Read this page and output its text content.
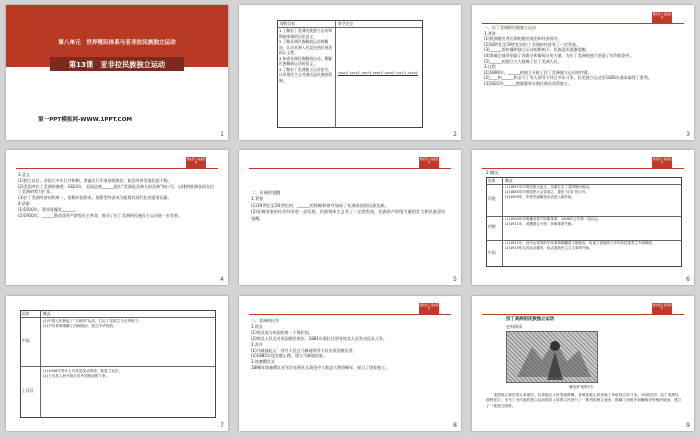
第八单元　世界殖民体系与亚非拉民族独立运动
第13课　亚非拉民族独立运动
第一PPT模板网-WWW.1PPT.COM
1
课程目标	时空定位
1.了解拉丁美洲民族独立运动和海地革命的历史意义。
2.了解亚洲民族解放运动的概况，认识亚洲人民反抗殖民统治的正义性。
3.知道非洲民族解放运动，理解民族解放运动的意义。
4.了解拉丁美洲独立运动史实，认识殖民主义对被压迫民族的影响。
1804年 1810年 1857年 1881年 1905年 1911年 1919年
2
课前预习·基础落实
一、拉丁美洲的民族独立运动
1.背景
(1)欧洲殖民者长期的殖民统治和经济掠夺。
(2)18世纪至19世纪初拉丁美洲的经济有了一定发展。
(3)______的传播和独立运动的影响下，民族意识逐渐觉醒。
(4)拿破仑战争削弱了西班牙和葡萄牙的力量，为拉丁美洲的独立创造了有利的条件。
(5)______的独立大大鼓舞了拉丁美洲人民。
2.过程
(1)1804年，______的独立开辟了拉丁美洲独立运动的序幕。
(2)____和______和圣马丁等人领导下经过多年斗争，拉美独立运动至1826年基本取得了胜利。
(3)1822年______摆脱葡萄牙殖民统治获得独立。
3
课前预习·基础落实
3.意义
(1)独立以后，各国大多实行共和制，普遍实行军事独裁统治，政治经济发展仍很不稳。
(2)美国对拉丁美洲的渗透：1823年，美国总统______提出“美洲是美洲人的美洲”的口号，以排挤欧洲各国在拉丁美洲的势力扩张。
(3)拉丁美洲经济结构单一，依赖外国资本，依附型经济成为阻碍其现代化的重要因素。
4.结果
(1)1910年，墨西哥爆发______。
(2)1910年，______墨西哥资产阶级民主革命，推动了拉丁美洲的民族民主运动进一步发展。
4
课前预习·基础落实
二、亚洲的觉醒
1.背景
(1)19世纪至20世纪初，______的侵略和掠夺加深了亚洲各国的民族危机。
(2)亚洲国家的社会经济进一步发展，民族资本主义有了一定的发展，民族资产阶级力量的壮大和民族意识觉醒。
5
课前预习·基础落实
2.概况
国家 概况
印度
(1)1857年印度民族大起义，沉重打击了英国殖民统治。
(2)1885年印度国民大会党成立，提出“自治”的口号。
(3)1905年，印度民族解放运动进入新阶段。
伊朗
(1)1905年伊朗爆发资产阶级革命，1906年召开第一届议会。
(2)1911年，英俄联合干涉，伊朗革命失败。
中国
(1)1911年，孙中山领导的辛亥革命推翻清王朝统治，结束了延续两千多年的封建君主专制制度。
(2)1919年五四运动爆发，标志着新民主主义革命开始。
6
国家	概况
中国
(1)中国人民掀起了“义和团”运动，打击了帝国主义在华势力。
(2)辛亥革命推翻了清朝统治，建立中华民国。
土耳其
(1)1908年青年土耳其党发动革命，恢复了宪法。
(2)土耳其人民开始反对外国统治的斗争。
7
课前预习·基础落实
三、非洲的抗争
1.埃及
(1)埃及成为英国的第一个保护国。
(2)埃及人民反对英国殖民统治，1881年奥拉比领导埃及人民发动反英斗争。
2.苏丹
(1)马赫迪起义：苏丹人民在马赫迪领导下抗击英国殖民者。
(2)1885年攻克喀土穆，建立马赫迪国家。
3.埃塞俄比亚
1896年埃塞俄比亚军民在阿杜瓦战役中大败意大利侵略军，保卫了国家独立。
8
课堂探究·素养提升
拉丁美洲的民族独立运动
史料阅读
“解放者”玻利瓦尔
　　美国独立和法国大革命后，拉美地区人民受到鼓舞，各殖民地人民开始了争取独立的斗争。19世纪初，拉丁美洲以玻利瓦尔、圣马丁为代表的独立运动领导人率领人民进行了一系列的独立战争，推翻了西班牙和葡萄牙的殖民统治，建立了一批独立国家。
9
